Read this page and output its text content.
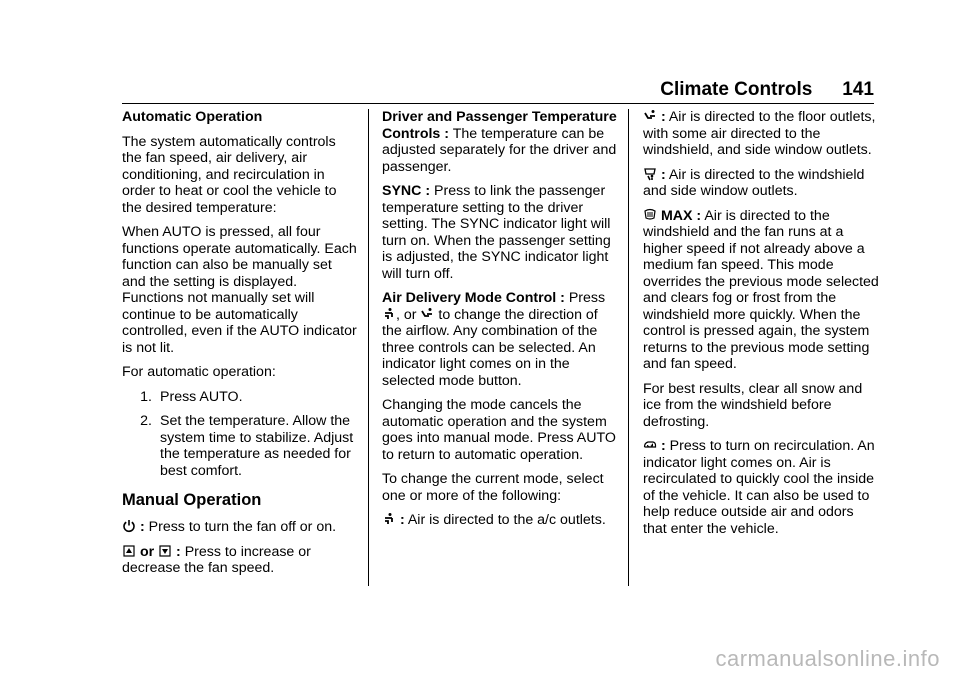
Climate Controls 141

Automatic Operation

The system automatically controls the fan speed, air delivery, air conditioning, and recirculation in order to heat or cool the vehicle to the desired temperature:

When AUTO is pressed, all four functions operate automatically. Each function can also be manually set and the setting is displayed. Functions not manually set will continue to be automatically controlled, even if the AUTO indicator is not lit.

For automatic operation:

1. Press AUTO.
2. Set the temperature. Allow the system time to stabilize. Adjust the temperature as needed for best comfort.
Manual Operation

: Press to turn the fan off or on.

or
: Press to increase or decrease the fan speed.

Driver and Passenger Temperature Controls : The temperature can be adjusted separately for the driver and passenger.

SYNC : Press to link the passenger temperature setting to the driver setting. The SYNC indicator light will turn on. When the passenger setting is adjusted, the SYNC indicator light will turn off.

Air Delivery Mode Control : Press
, or to change the direction of the airflow. Any combination of the three controls can be selected. An indicator light comes on in the selected mode button.

Changing the mode cancels the automatic operation and the system goes into manual mode. Press AUTO to return to automatic operation.

To change the current mode, select one or more of the following:

: Air is directed to the a/c outlets.

: Air is directed to the floor outlets, with some air directed to the windshield, and side window outlets.

: Air is directed to the windshield and side window outlets.

MAX : Air is directed to the windshield and the fan runs at a higher speed if not already above a medium fan speed. This mode overrides the previous mode selected and clears fog or frost from the windshield more quickly. When the control is pressed again, the system returns to the previous mode setting and fan speed.

For best results, clear all snow and ice from the windshield before defrosting.

: Press to turn on recirculation. An indicator light comes on. Air is recirculated to quickly cool the inside of the vehicle. It can also be used to help reduce outside air and odors that enter the vehicle.

carmanualsonline.info
